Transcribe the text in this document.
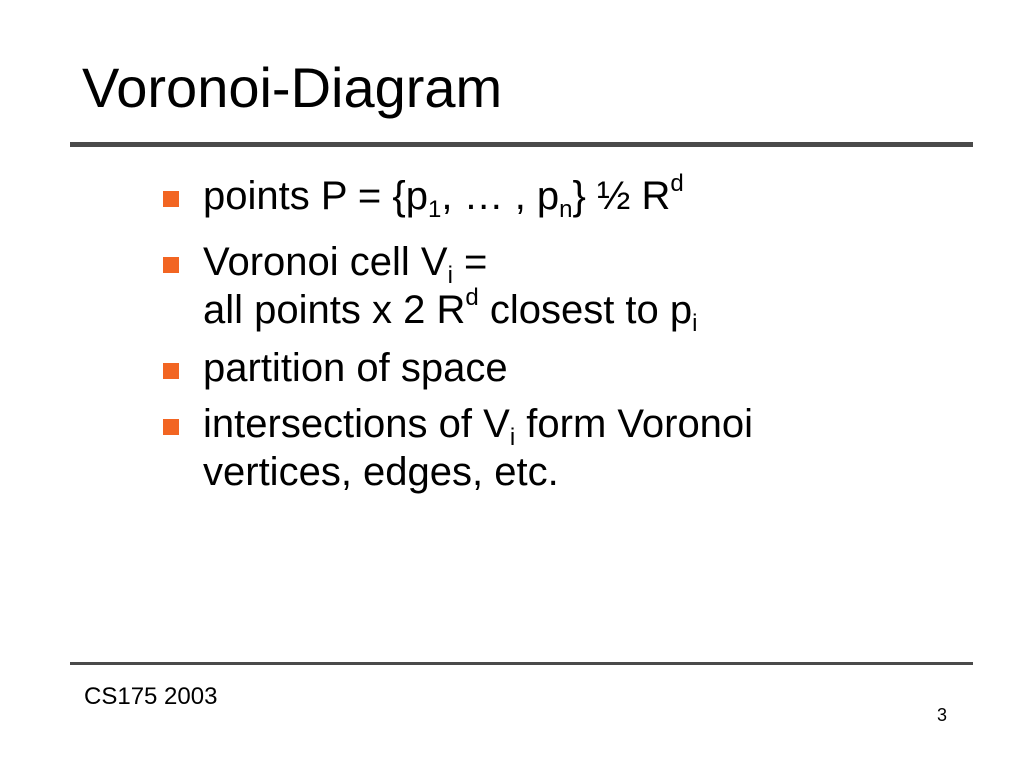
Voronoi-Diagram
points $P = \{p_1$, … , $p_n$} ½ $R^d$
Voronoi cell $V_i$ =
all points x 2 $R^d$ closest to $p_i$
partition of space
intersections of $V_i$ form Voronoi
vertices, edges, etc.
CS175 2003
3
